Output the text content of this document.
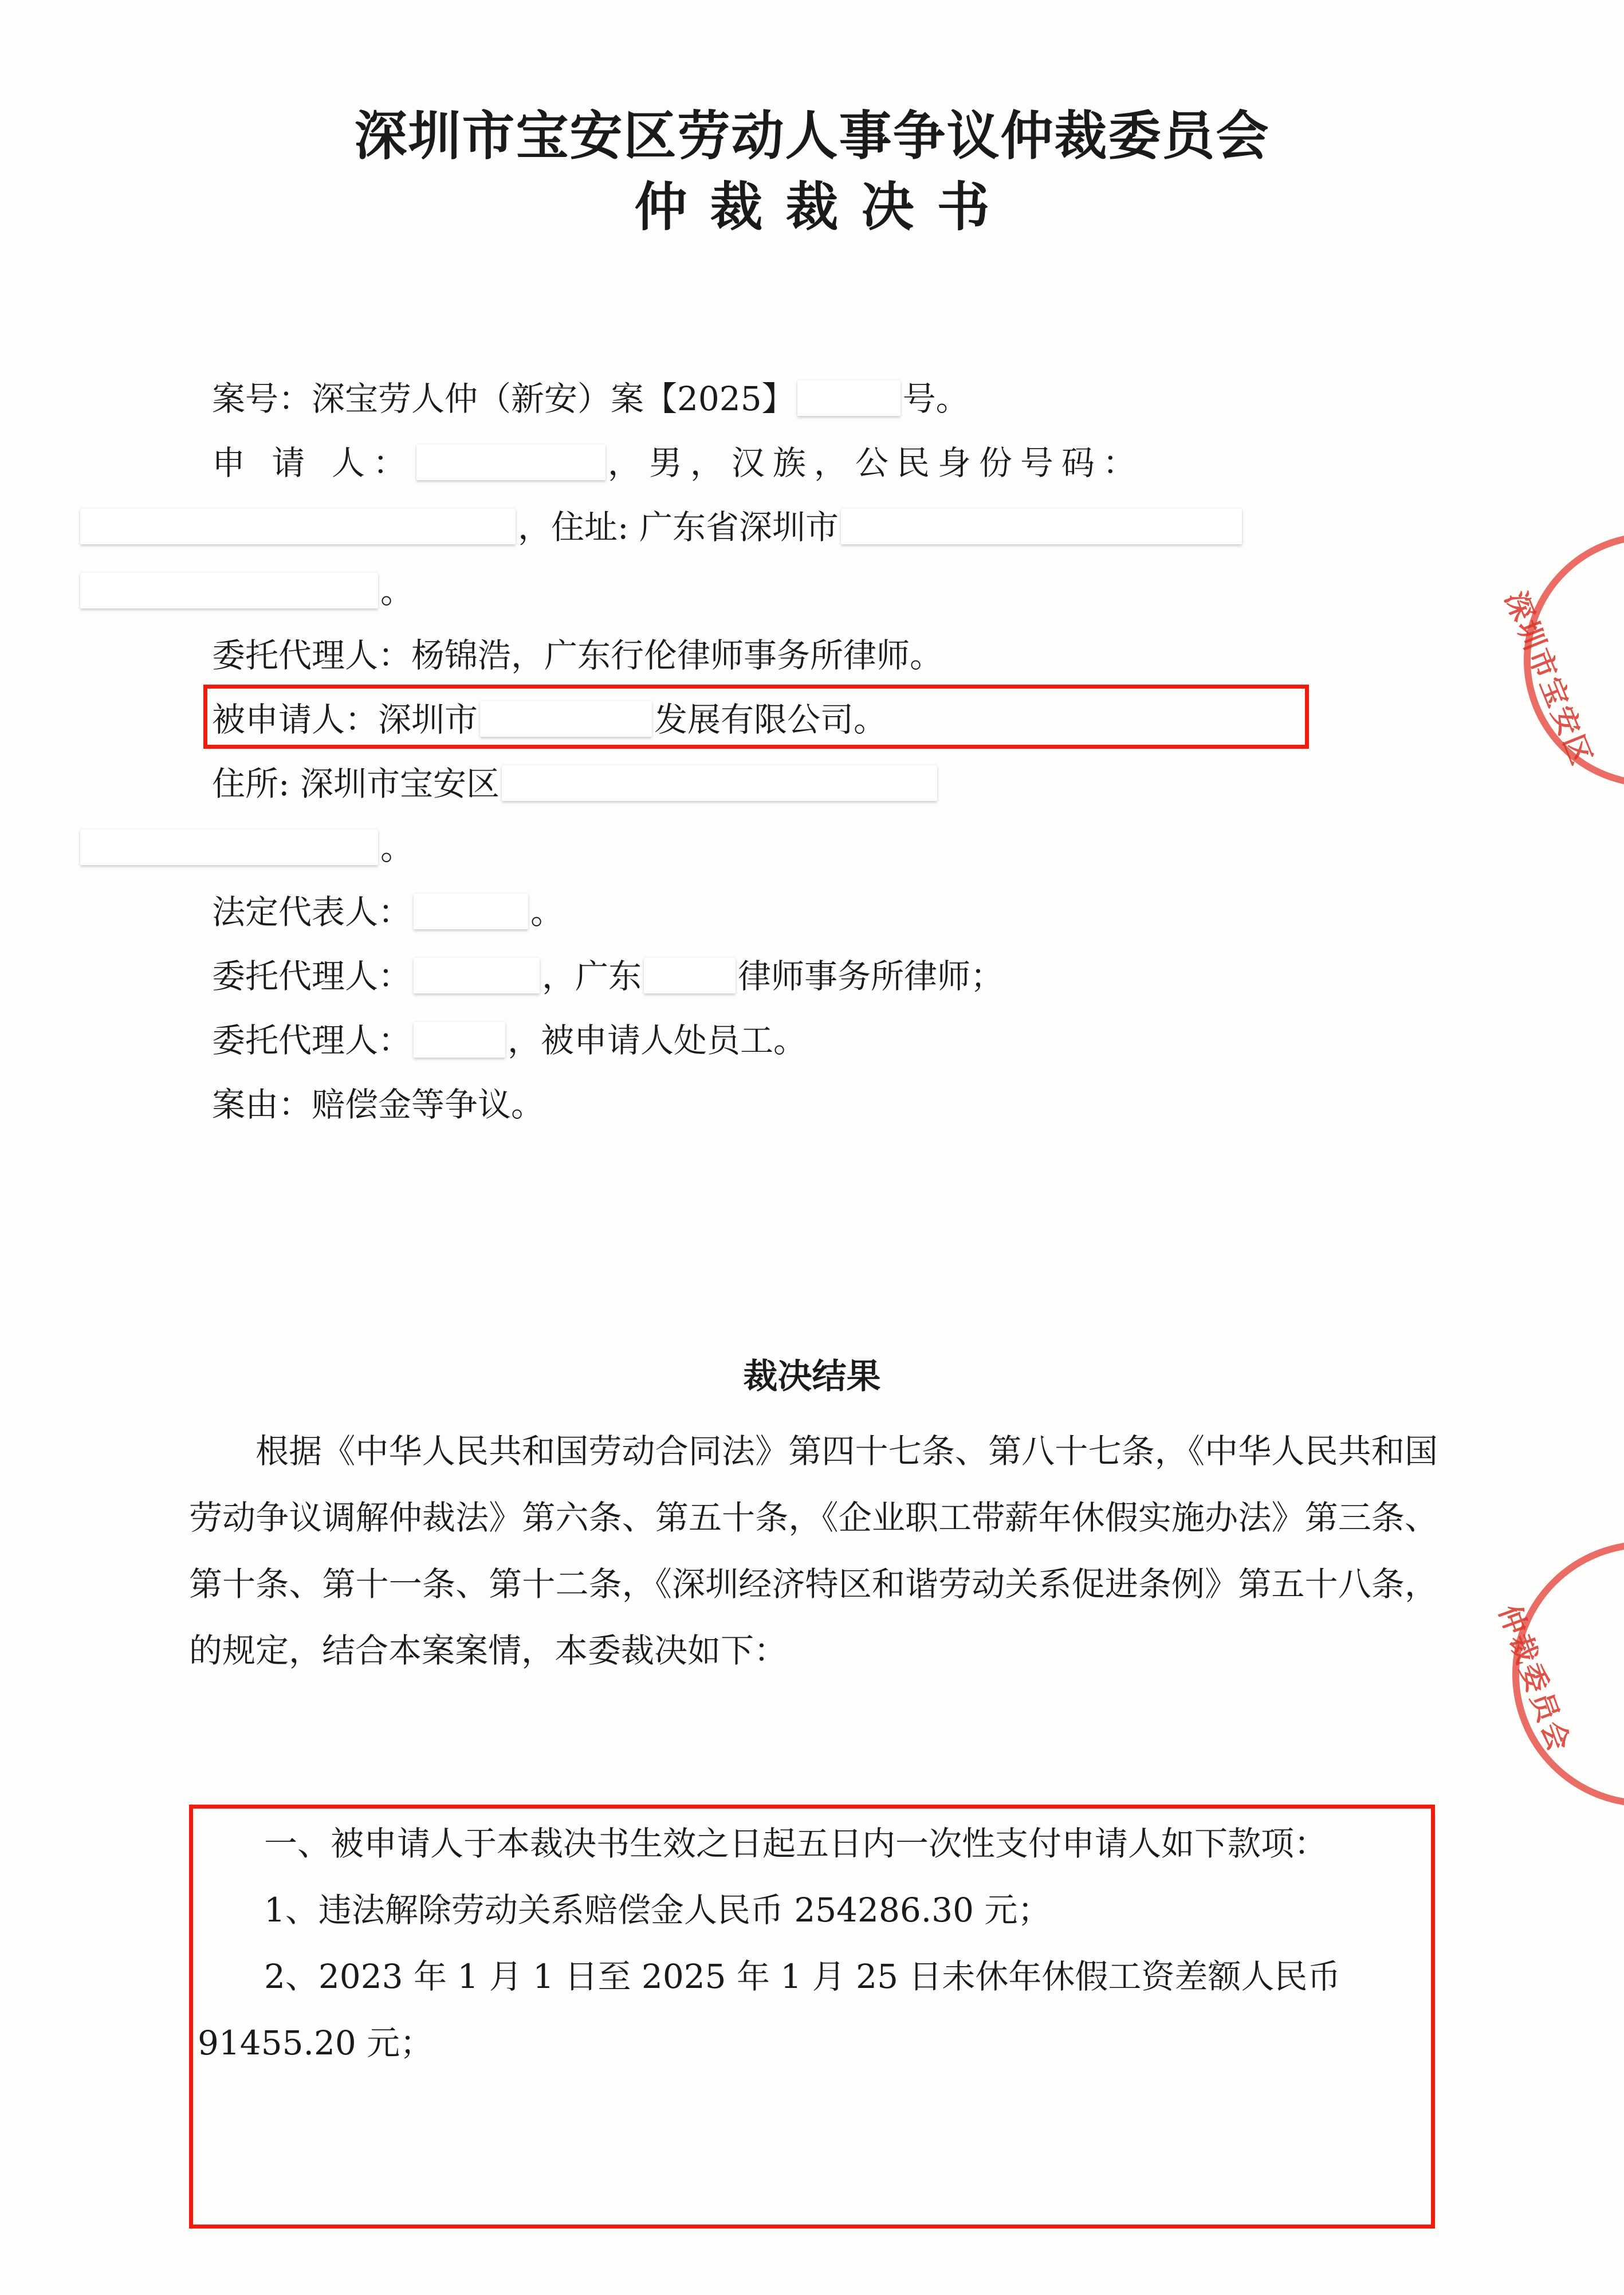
深圳市宝安区劳动人事争议仲裁委员会
仲裁裁决书
深圳市宝安区
仲裁委员会
案号：深宝劳人仲（新安）案【2025】	号。
申 请 人：	，男，汉族，公民身份号码：
，住址: 广东省深圳市
。
委托代理人：杨锦浩，广东行伦律师事务所律师。
被申请人：深圳市	发展有限公司。
住所: 深圳市宝安区
。
法定代表人：	。
委托代理人：	，广东	律师事务所律师；
委托代理人：	，被申请人处员工。
案由：赔偿金等争议。
裁决结果

根据《中华人民共和国劳动合同法》第四十七条、第八十七条，《中华人民共和国劳动争议调解仲裁法》第六条、第五十条，《企业职工带薪年休假实施办法》第三条、第十条、第十一条、第十二条，《深圳经济特区和谐劳动关系促进条例》第五十八条，的规定，结合本案案情，本委裁决如下：

一、被申请人于本裁决书生效之日起五日内一次性支付申请人如下款项：

1、违法解除劳动关系赔偿金人民币 254286.30 元；

2、2023 年 1 月 1 日至 2025 年 1 月 25 日未休年休假工资差额人民币 91455.20 元；
